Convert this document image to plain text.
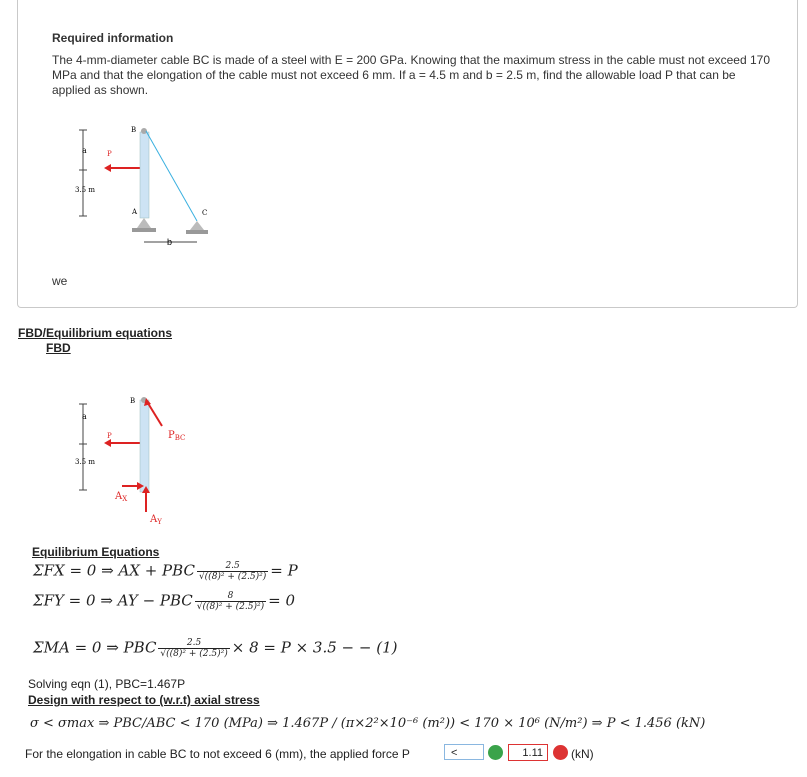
Required information
The 4-mm-diameter cable BC is made of a steel with E = 200 GPa. Knowing that the maximum stress in the cable must not exceed 170 MPa and that the elongation of the cable must not exceed 6 mm. If a = 4.5 m and b = 2.5 m, find the allowable load P that can be applied as shown.
a
3.5 m
P
B
A	C
b
we
FBD/Equilibrium equations
FBD
a
3.5 m
P
B
$P_{BC}$
$A_X$
$A_Y$
Equilibrium Equations
ΣFX = 0 ⇒ AX + PBC $\frac{2.5}{\text{√((8)² + (2.5)²)}} = P$
ΣFY = 0 ⇒ AY − PBC $\frac{8}{\text{√((8)² + (2.5)²)}} = 0$
ΣMA = 0 ⇒ PBC $\frac{2.5}{\text{√((8)² + (2.5)²)}} \times 8 = P \times 3.5$ − − (1)
Solving eqn (1), PBC=1.467P
Design with respect to (w.r.t) axial stress
σ < σmax ⇒ PBC/ABC < 170 (MPa) ⇒ 1.467P / (π×2²×10⁻⁶ (m²)) < 170 × 10⁶ (N/m²) ⇒ P < 1.456 (kN)
For the elongation in cable BC to not exceed 6 (mm), the applied force P	<	1.11	(kN)
